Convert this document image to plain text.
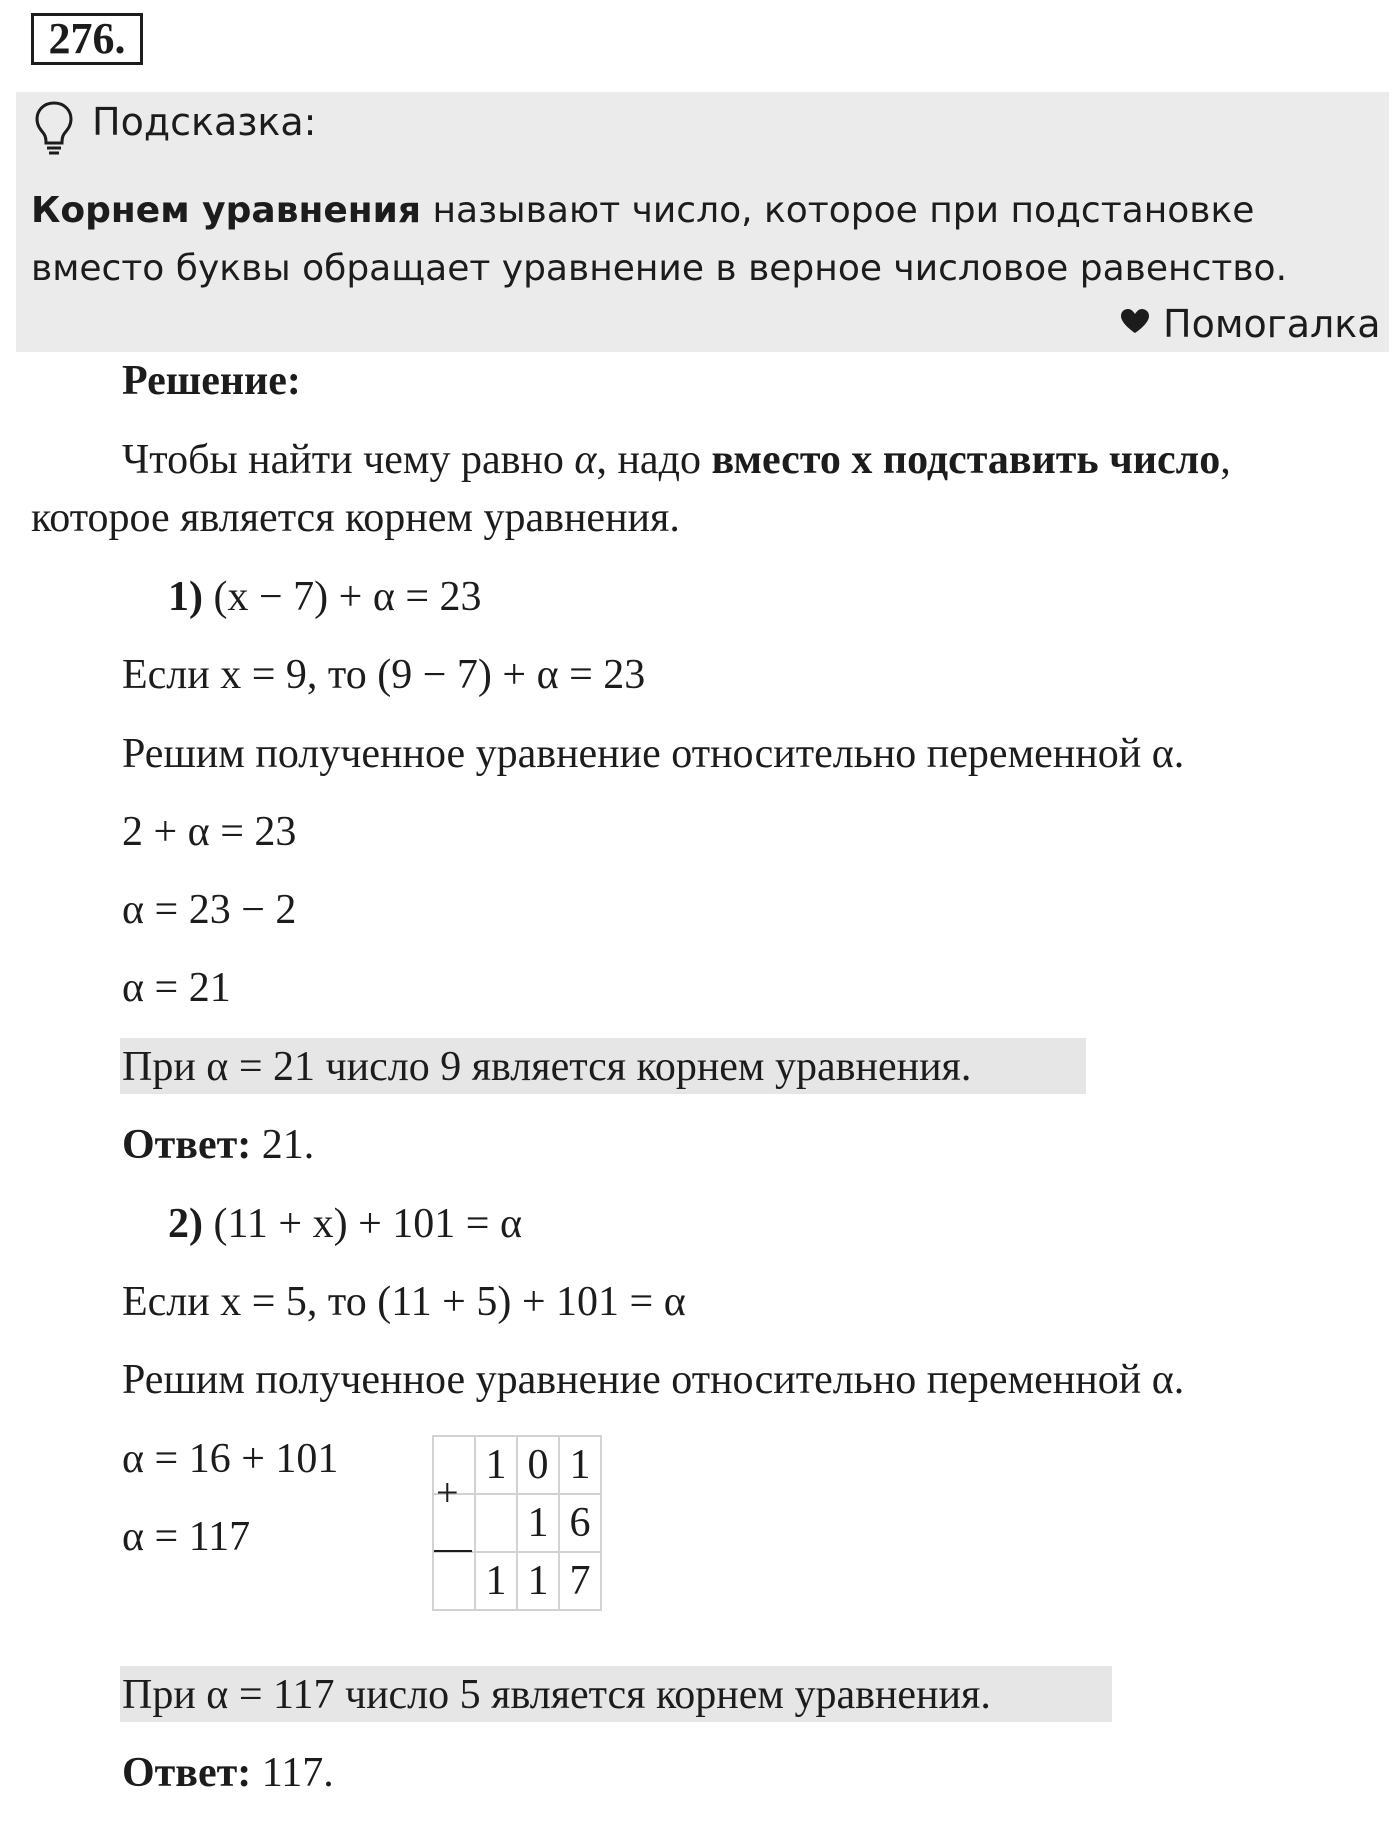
276.
Подсказка:
Корнем уравнения называют число, которое при подстановке
вместо буквы обращает уравнение в верное числовое равенство.
Помогалка
Решение:
Чтобы найти чему равно α, надо вместо х подставить число,
которое является корнем уравнения.
1) (x − 7) + α = 23
Если x = 9, то (9 − 7) + α = 23
Решим полученное уравнение относительно переменной α.
2 + α = 23
α = 23 − 2
α = 21
При α = 21 число 9 является корнем уравнения.
Ответ: 21.
2) (11 + x) + 101 = α
Если x = 5, то (11 + 5) + 101 = α
Решим полученное уравнение относительно переменной α.
α = 16 + 101
α = 117
	1	0	1
		1	6
	1	1	7
+
При α = 117 число 5 является корнем уравнения.
Ответ: 117.
